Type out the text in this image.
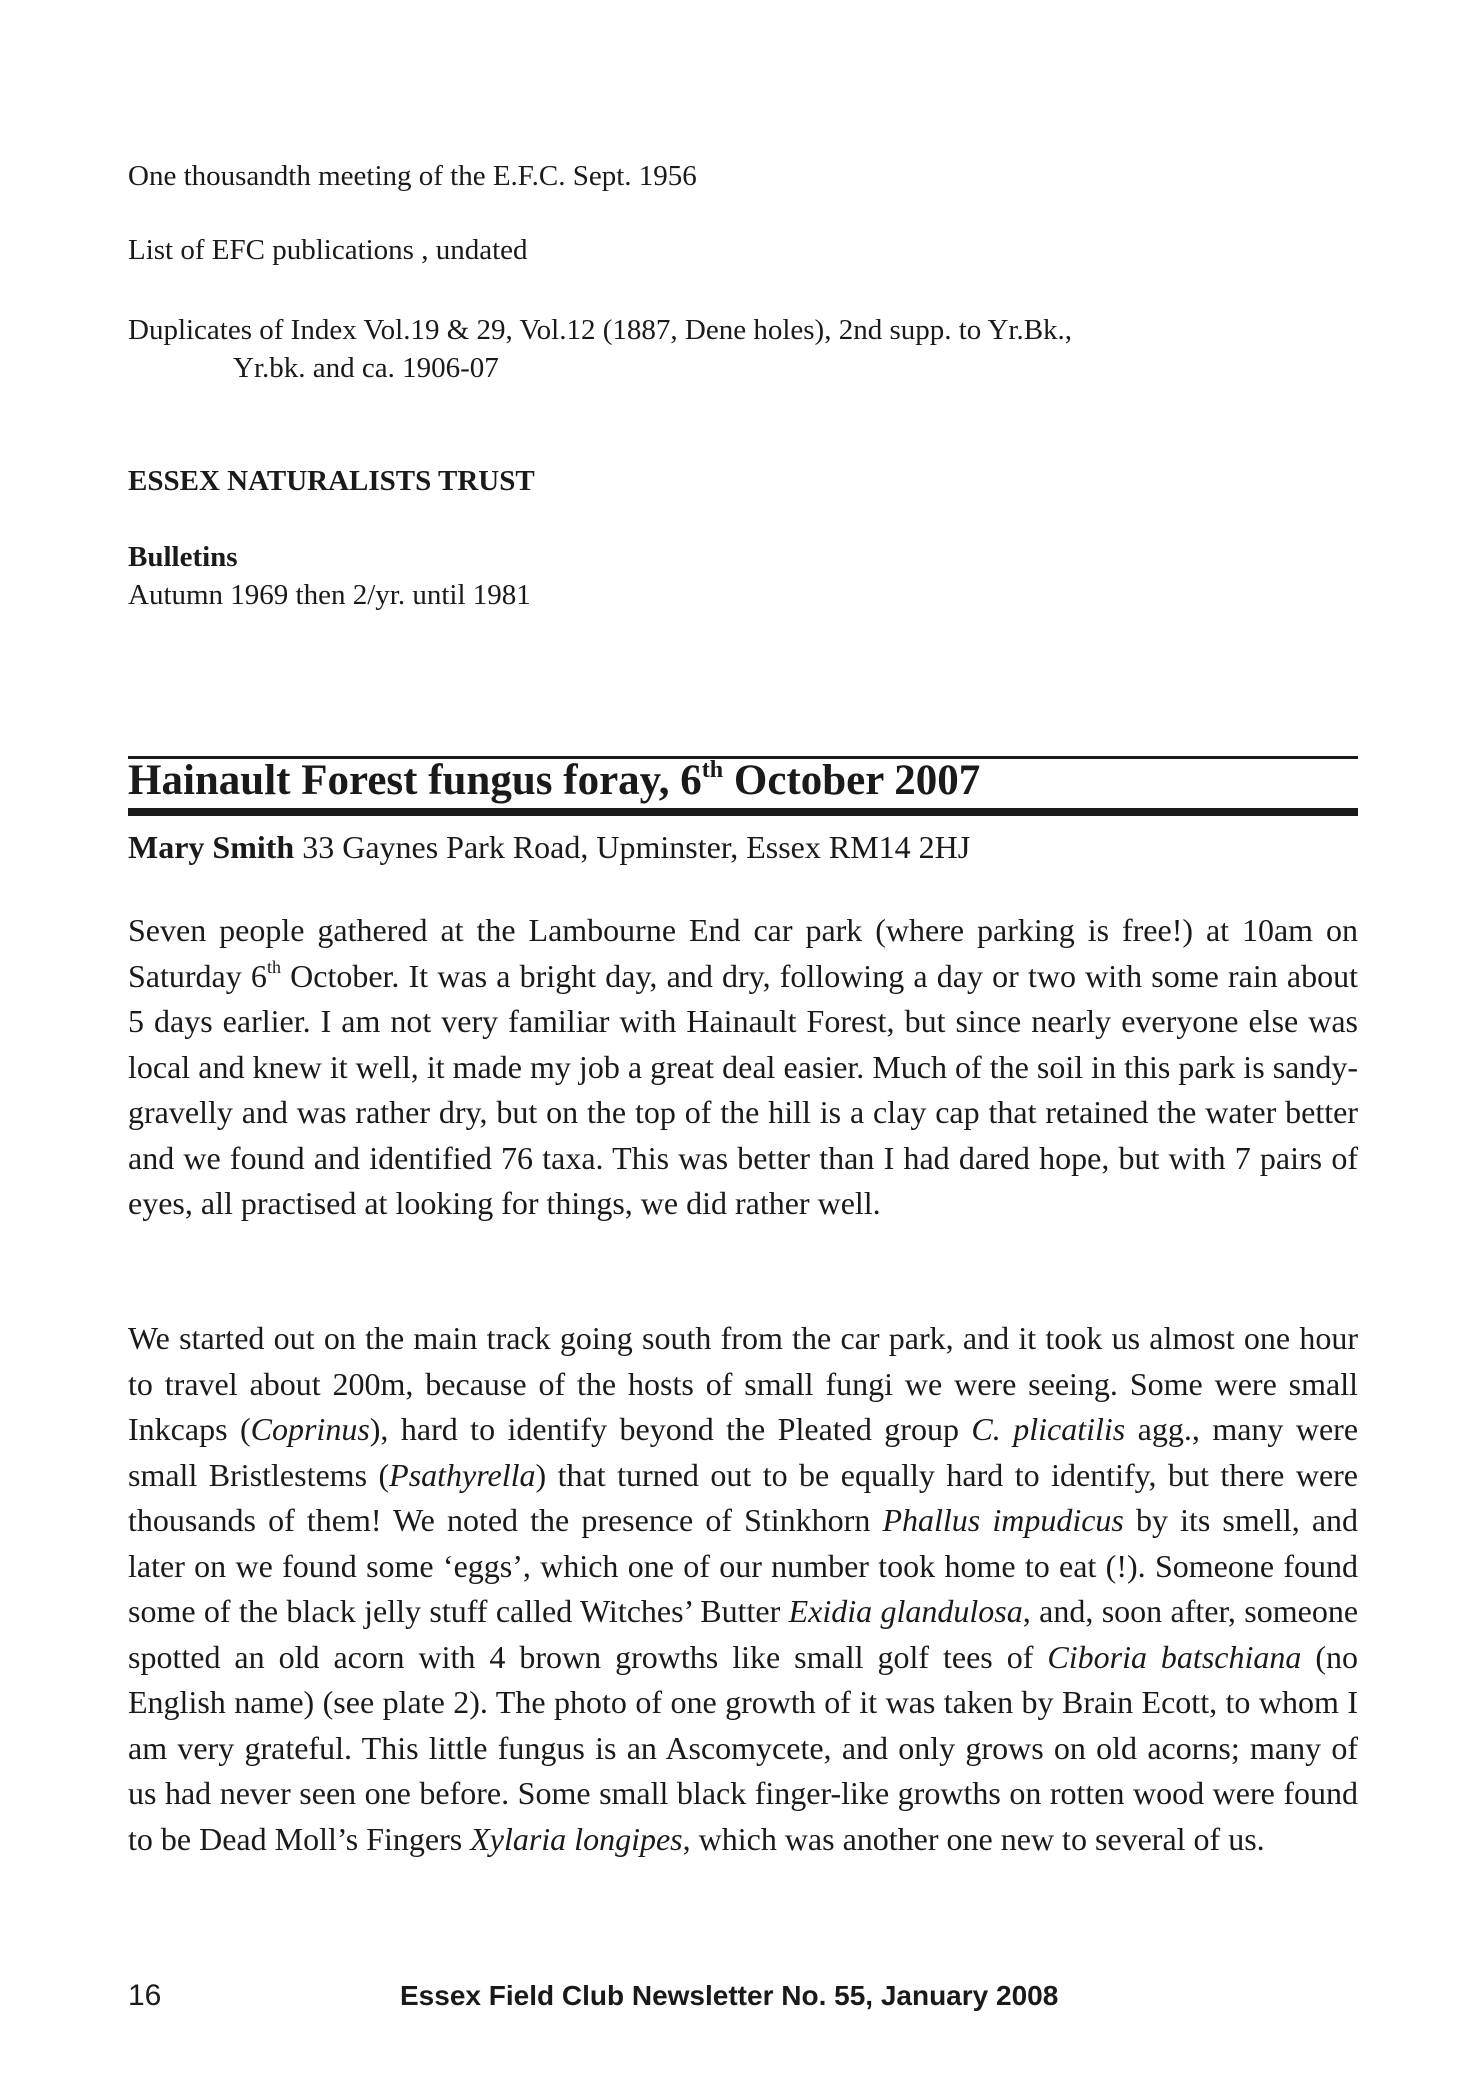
One thousandth meeting of the E.F.C. Sept. 1956

List of EFC publications , undated

Duplicates of Index Vol.19 & 29, Vol.12 (1887, Dene holes), 2nd supp. to Yr.Bk.,
Yr.bk. and ca. 1906-07

ESSEX NATURALISTS TRUST

Bulletins
Autumn 1969 then 2/yr. until 1981

Hainault Forest fungus foray, 6th October 2007

Mary Smith 33 Gaynes Park Road, Upminster, Essex RM14 2HJ

Seven people gathered at the Lambourne End car park (where parking is free!) at 10am on Saturday 6th October. It was a bright day, and dry, following a day or two with some rain about 5 days earlier. I am not very familiar with Hainault Forest, but since nearly everyone else was local and knew it well, it made my job a great deal easier. Much of the soil in this park is sandy-gravelly and was rather dry, but on the top of the hill is a clay cap that retained the water better and we found and identified 76 taxa. This was better than I had dared hope, but with 7 pairs of eyes, all practised at looking for things, we did rather well.

We started out on the main track going south from the car park, and it took us almost one hour to travel about 200m, because of the hosts of small fungi we were seeing. Some were small Inkcaps (Coprinus), hard to identify beyond the Pleated group C. plicatilis agg., many were small Bristlestems (Psathyrella) that turned out to be equally hard to identify, but there were thousands of them! We noted the presence of Stinkhorn Phallus impudicus by its smell, and later on we found some ‘eggs’, which one of our number took home to eat (!). Someone found some of the black jelly stuff called Witches’ Butter Exidia glandulosa, and, soon after, someone spotted an old acorn with 4 brown growths like small golf tees of Ciboria batschiana (no English name) (see plate 2). The photo of one growth of it was taken by Brain Ecott, to whom I am very grateful. This little fungus is an Ascomycete, and only grows on old acorns; many of us had never seen one before. Some small black finger-like growths on rotten wood were found to be Dead Moll’s Fingers Xylaria longipes, which was another one new to several of us.

16	Essex Field Club Newsletter No. 55, January 2008
